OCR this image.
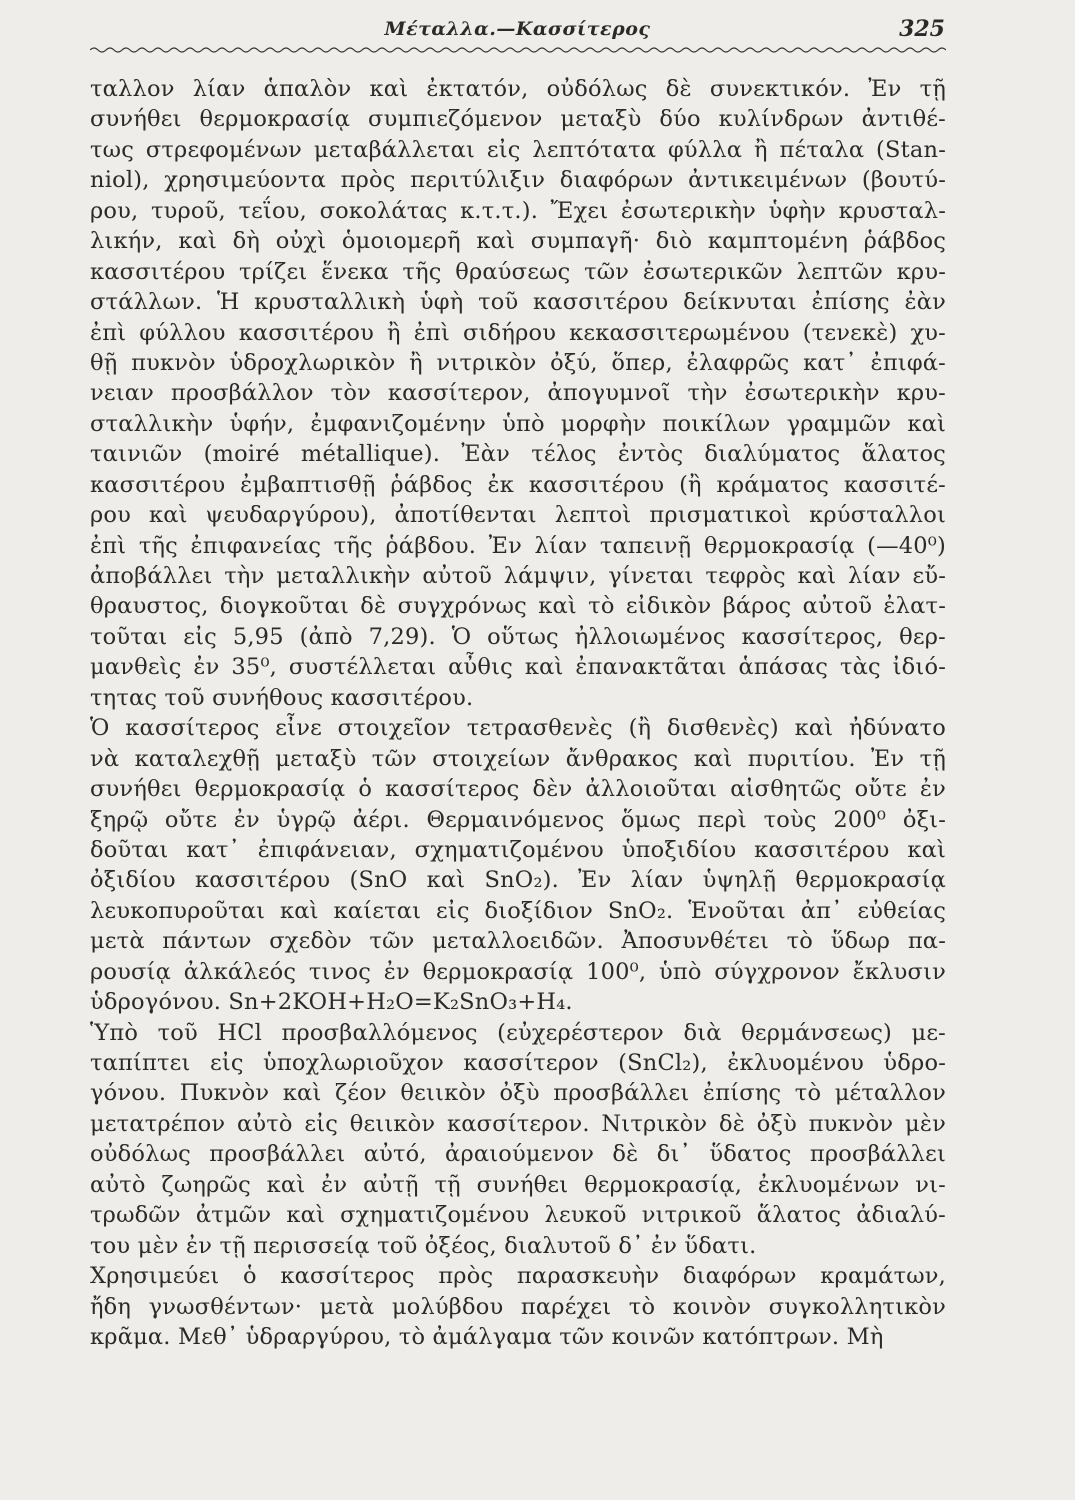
Μέταλλα.—Κασσίτερος	325
ταλλον λίαν ἁπαλὸν καὶ ἐκτατόν, οὐδόλως δὲ συνεκτικόν. Ἐν τῇ
συνήθει θερμοκρασίᾳ συμπιεζόμενον μεταξὺ δύο κυλίνδρων ἀντιθέ-
τως στρεφομένων μεταβάλλεται εἰς λεπτότατα φύλλα ἢ πέταλα (Stan-
niol), χρησιμεύοντα πρὸς περιτύλιξιν διαφόρων ἀντικειμένων (βουτύ-
ρου, τυροῦ, τεΐου, σοκολάτας κ.τ.τ.). Ἔχει ἐσωτερικὴν ὑφὴν κρυσταλ-
λικήν, καὶ δὴ οὐχὶ ὁμοιομερῆ καὶ συμπαγῆ· διὸ καμπτομένη ῥάβδος
κασσιτέρου τρίζει ἕνεκα τῆς θραύσεως τῶν ἐσωτερικῶν λεπτῶν κρυ-
στάλλων. Ἡ κρυσταλλικὴ ὑφὴ τοῦ κασσιτέρου δείκνυται ἐπίσης ἐὰν
ἐπὶ φύλλου κασσιτέρου ἢ ἐπὶ σιδήρου κεκασσιτερωμένου (τενεκὲ) χυ-
θῇ πυκνὸν ὑδροχλωρικὸν ἢ νιτρικὸν ὀξύ, ὅπερ, ἐλαφρῶς κατ᾽ ἐπιφά-
νειαν προσβάλλον τὸν κασσίτερον, ἀπογυμνοῖ τὴν ἐσωτερικὴν κρυ-
σταλλικὴν ὑφήν, ἐμφανιζομένην ὑπὸ μορφὴν ποικίλων γραμμῶν καὶ
ταινιῶν (moiré métallique). Ἐὰν τέλος ἐντὸς διαλύματος ἅλατος
κασσιτέρου ἐμβαπτισθῇ ῥάβδος ἐκ κασσιτέρου (ἢ κράματος κασσιτέ-
ρου καὶ ψευδαργύρου), ἀποτίθενται λεπτοὶ πρισματικοὶ κρύσταλλοι
ἐπὶ τῆς ἐπιφανείας τῆς ῥάβδου. Ἐν λίαν ταπεινῇ θερμοκρασίᾳ (—40⁰)
ἀποβάλλει τὴν μεταλλικὴν αὐτοῦ λάμψιν, γίνεται τεφρὸς καὶ λίαν εὔ-
θραυστος, διογκοῦται δὲ συγχρόνως καὶ τὸ εἰδικὸν βάρος αὐτοῦ ἐλατ-
τοῦται εἰς 5,95 (ἀπὸ 7,29). Ὁ οὕτως ἠλλοιωμένος κασσίτερος, θερ-
μανθεὶς ἐν 35⁰, συστέλλεται αὖθις καὶ ἐπανακτᾶται ἁπάσας τὰς ἰδιό-
τητας τοῦ συνήθους κασσιτέρου.
Ὁ κασσίτερος εἶνε στοιχεῖον τετρασθενὲς (ἢ δισθενὲς) καὶ ἠδύνατο
νὰ καταλεχθῇ μεταξὺ τῶν στοιχείων ἄνθρακος καὶ πυριτίου. Ἐν τῇ
συνήθει θερμοκρασίᾳ ὁ κασσίτερος δὲν ἀλλοιοῦται αἰσθητῶς οὔτε ἐν
ξηρῷ οὔτε ἐν ὑγρῷ ἀέρι. Θερμαινόμενος ὅμως περὶ τοὺς 200⁰ ὀξι-
δοῦται κατ᾽ ἐπιφάνειαν, σχηματιζομένου ὑποξιδίου κασσιτέρου καὶ
ὀξιδίου κασσιτέρου (SnO καὶ SnO₂). Ἐν λίαν ὑψηλῇ θερμοκρασίᾳ
λευκοπυροῦται καὶ καίεται εἰς διοξίδιον SnO₂. Ἑνοῦται ἀπ᾽ εὐθείας
μετὰ πάντων σχεδὸν τῶν μεταλλοειδῶν. Ἀποσυνθέτει τὸ ὕδωρ πα-
ρουσίᾳ ἀλκάλεός τινος ἐν θερμοκρασίᾳ 100⁰, ὑπὸ σύγχρονον ἔκλυσιν
ὑδρογόνου. Sn+2KOH+H₂O=K₂SnO₃+H₄.
Ὑπὸ τοῦ HCl προσβαλλόμενος (εὐχερέστερον διὰ θερμάνσεως) με-
ταπίπτει εἰς ὑποχλωριοῦχον κασσίτερον (SnCl₂), ἐκλυομένου ὑδρο-
γόνου. Πυκνὸν καὶ ζέον θειικὸν ὀξὺ προσβάλλει ἐπίσης τὸ μέταλλον
μετατρέπον αὐτὸ εἰς θειικὸν κασσίτερον. Νιτρικὸν δὲ ὀξὺ πυκνὸν μὲν
οὐδόλως προσβάλλει αὐτό, ἀραιούμενον δὲ δι᾽ ὕδατος προσβάλλει
αὐτὸ ζωηρῶς καὶ ἐν αὐτῇ τῇ συνήθει θερμοκρασίᾳ, ἐκλυομένων νι-
τρωδῶν ἀτμῶν καὶ σχηματιζομένου λευκοῦ νιτρικοῦ ἅλατος ἀδιαλύ-
του μὲν ἐν τῇ περισσείᾳ τοῦ ὀξέος, διαλυτοῦ δ᾽ ἐν ὕδατι.
Χρησιμεύει ὁ κασσίτερος πρὸς παρασκευὴν διαφόρων κραμάτων,
ἤδη γνωσθέντων· μετὰ μολύβδου παρέχει τὸ κοινὸν συγκολλητικὸν
κρᾶμα. Μεθ᾽ ὑδραργύρου, τὸ ἀμάλγαμα τῶν κοινῶν κατόπτρων. Μὴ
